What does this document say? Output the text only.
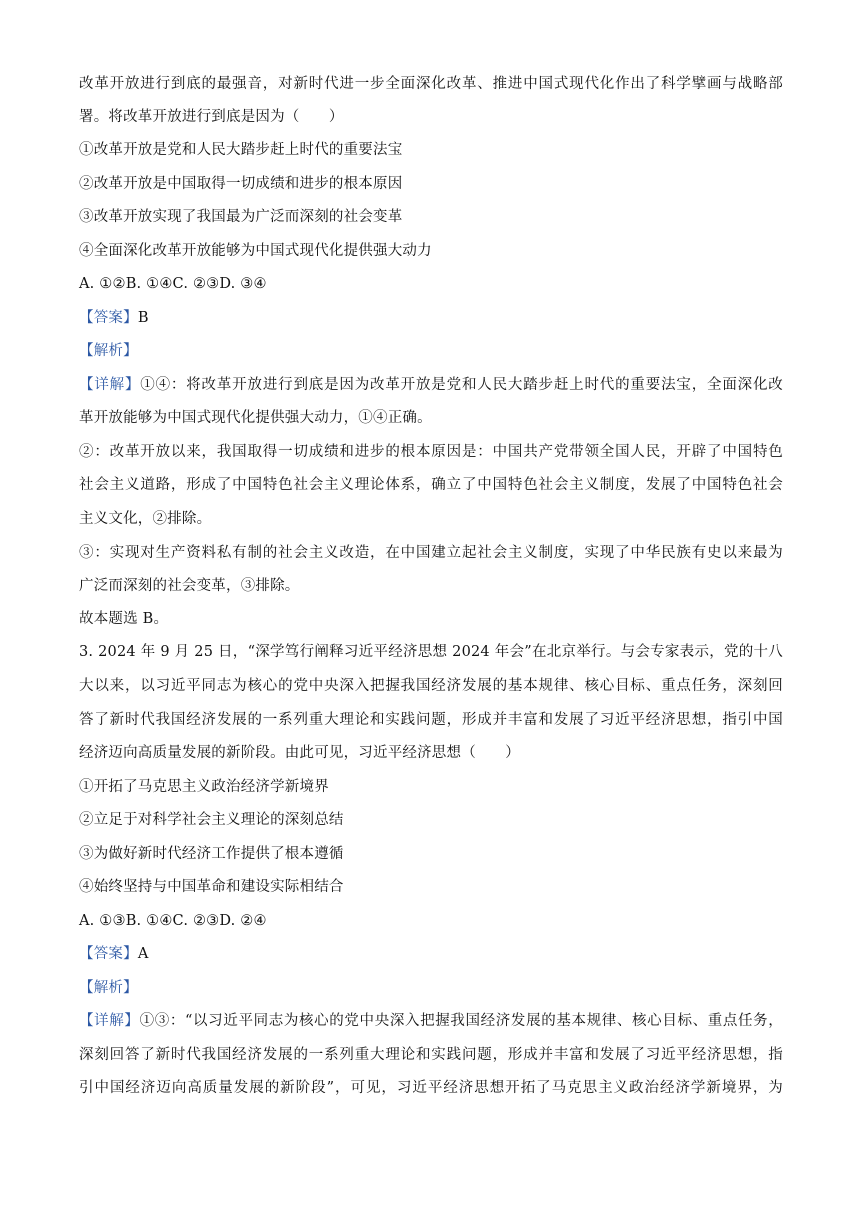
改革开放进行到底的最强音，对新时代进一步全面深化改革、推进中国式现代化作出了科学擘画与战略部
署。将改革开放进行到底是因为（　　）
①改革开放是党和人民大踏步赶上时代的重要法宝
②改革开放是中国取得一切成绩和进步的根本原因
③改革开放实现了我国最为广泛而深刻的社会变革
④全面深化改革开放能够为中国式现代化提供强大动力
A. ①②B. ①④C. ②③D. ③④
【答案】B
【解析】
【详解】①④：将改革开放进行到底是因为改革开放是党和人民大踏步赶上时代的重要法宝，全面深化改
革开放能够为中国式现代化提供强大动力，①④正确。
②：改革开放以来，我国取得一切成绩和进步的根本原因是：中国共产党带领全国人民，开辟了中国特色
社会主义道路，形成了中国特色社会主义理论体系，确立了中国特色社会主义制度，发展了中国特色社会
主义文化，②排除。
③：实现对生产资料私有制的社会主义改造，在中国建立起社会主义制度，实现了中华民族有史以来最为
广泛而深刻的社会变革，③排除。
故本题选 B。
3. 2024 年 9 月 25 日，“深学笃行阐释习近平经济思想 2024 年会”在北京举行。与会专家表示，党的十八
大以来，以习近平同志为核心的党中央深入把握我国经济发展的基本规律、核心目标、重点任务，深刻回
答了新时代我国经济发展的一系列重大理论和实践问题，形成并丰富和发展了习近平经济思想，指引中国
经济迈向高质量发展的新阶段。由此可见，习近平经济思想（　　）
①开拓了马克思主义政治经济学新境界
②立足于对科学社会主义理论的深刻总结
③为做好新时代经济工作提供了根本遵循
④始终坚持与中国革命和建设实际相结合
A. ①③B. ①④C. ②③D. ②④
【答案】A
【解析】
【详解】①③：“以习近平同志为核心的党中央深入把握我国经济发展的基本规律、核心目标、重点任务，
深刻回答了新时代我国经济发展的一系列重大理论和实践问题，形成并丰富和发展了习近平经济思想，指
引中国经济迈向高质量发展的新阶段”，可见，习近平经济思想开拓了马克思主义政治经济学新境界，为
